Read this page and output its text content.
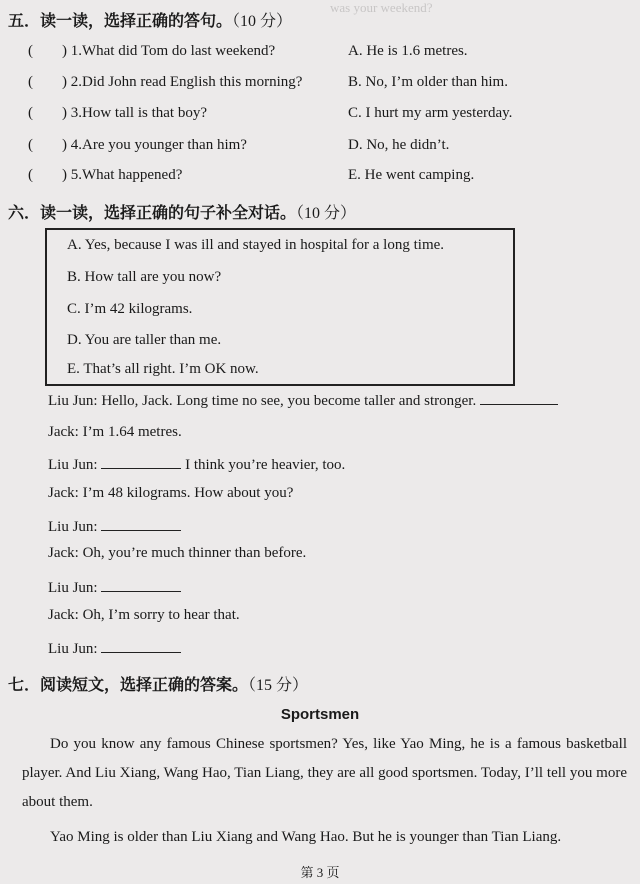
was your weekend?
五．读一读，选择正确的答句。（10 分）
( ) 1.What did Tom do last weekend?	A. He is 1.6 metres.
( ) 2.Did John read English this morning?	B. No, I’m older than him.
( ) 3.How tall is that boy?	C. I hurt my arm yesterday.
( ) 4.Are you younger than him?	D. No, he didn’t.
( ) 5.What happened?	E. He went camping.
六．读一读，选择正确的句子补全对话。（10 分）
A. Yes, because I was ill and stayed in hospital for a long time.
B. How tall are you now?
C. I’m 42 kilograms.
D. You are taller than me.
E. That’s all right. I’m OK now.
Liu Jun: Hello, Jack. Long time no see, you become taller and stronger.
Jack: I’m 1.64 metres.
Liu Jun:	I think you’re heavier, too.
Jack: I’m 48 kilograms. How about you?
Liu Jun:
Jack: Oh, you’re much thinner than before.
Liu Jun:
Jack: Oh, I’m sorry to hear that.
Liu Jun:
七．阅读短文，选择正确的答案。（15 分）
Sportsmen
Do you know any famous Chinese sportsmen? Yes, like Yao Ming, he is a famous basketball player. And Liu Xiang, Wang Hao, Tian Liang, they are all good sportsmen. Today, I’ll tell you more about them.
Yao Ming is older than Liu Xiang and Wang Hao. But he is younger than Tian Liang.
第 3 页
